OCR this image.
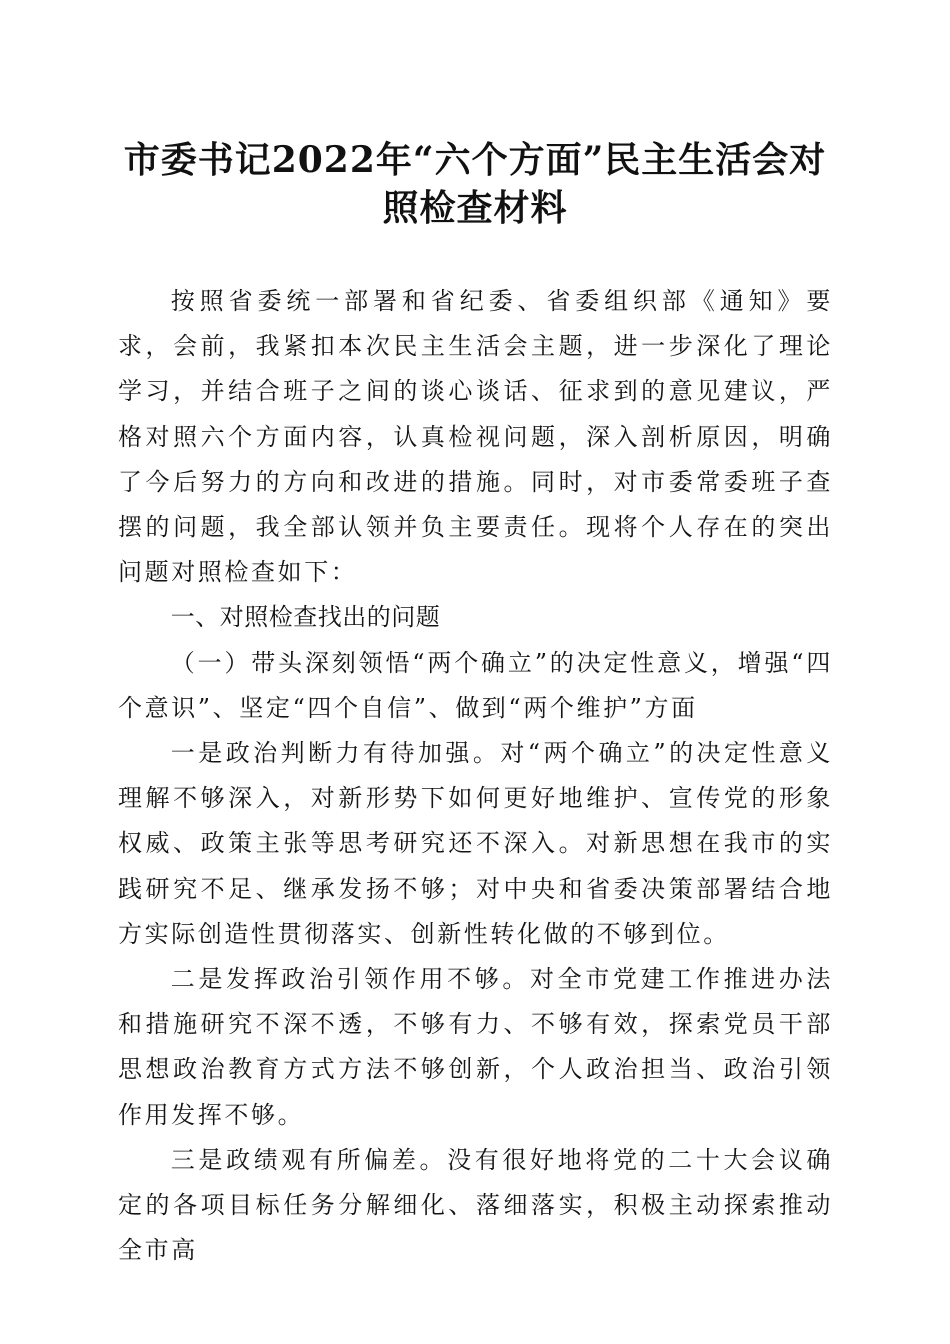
市委书记2022年“六个方面”民主生活会对
照检查材料

按照省委统一部署和省纪委、省委组织部《通知》要求，会前，我紧扣本次民主生活会主题，进一步深化了理论学习，并结合班子之间的谈心谈话、征求到的意见建议，严格对照六个方面内容，认真检视问题，深入剖析原因，明确了今后努力的方向和改进的措施。同时，对市委常委班子查摆的问题，我全部认领并负主要责任。现将个人存在的突出问题对照检查如下：

一、对照检查找出的问题

（一）带头深刻领悟“两个确立”的决定性意义，增强“四个意识”、坚定“四个自信”、做到“两个维护”方面

一是政治判断力有待加强。对“两个确立”的决定性意义理解不够深入，对新形势下如何更好地维护、宣传党的形象权威、政策主张等思考研究还不深入。对新思想在我市的实践研究不足、继承发扬不够；对中央和省委决策部署结合地方实际创造性贯彻落实、创新性转化做的不够到位。

二是发挥政治引领作用不够。对全市党建工作推进办法和措施研究不深不透，不够有力、不够有效，探索党员干部思想政治教育方式方法不够创新，个人政治担当、政治引领作用发挥不够。

三是政绩观有所偏差。没有很好地将党的二十大会议确定的各项目标任务分解细化、落细落实，积极主动探索推动全市高
